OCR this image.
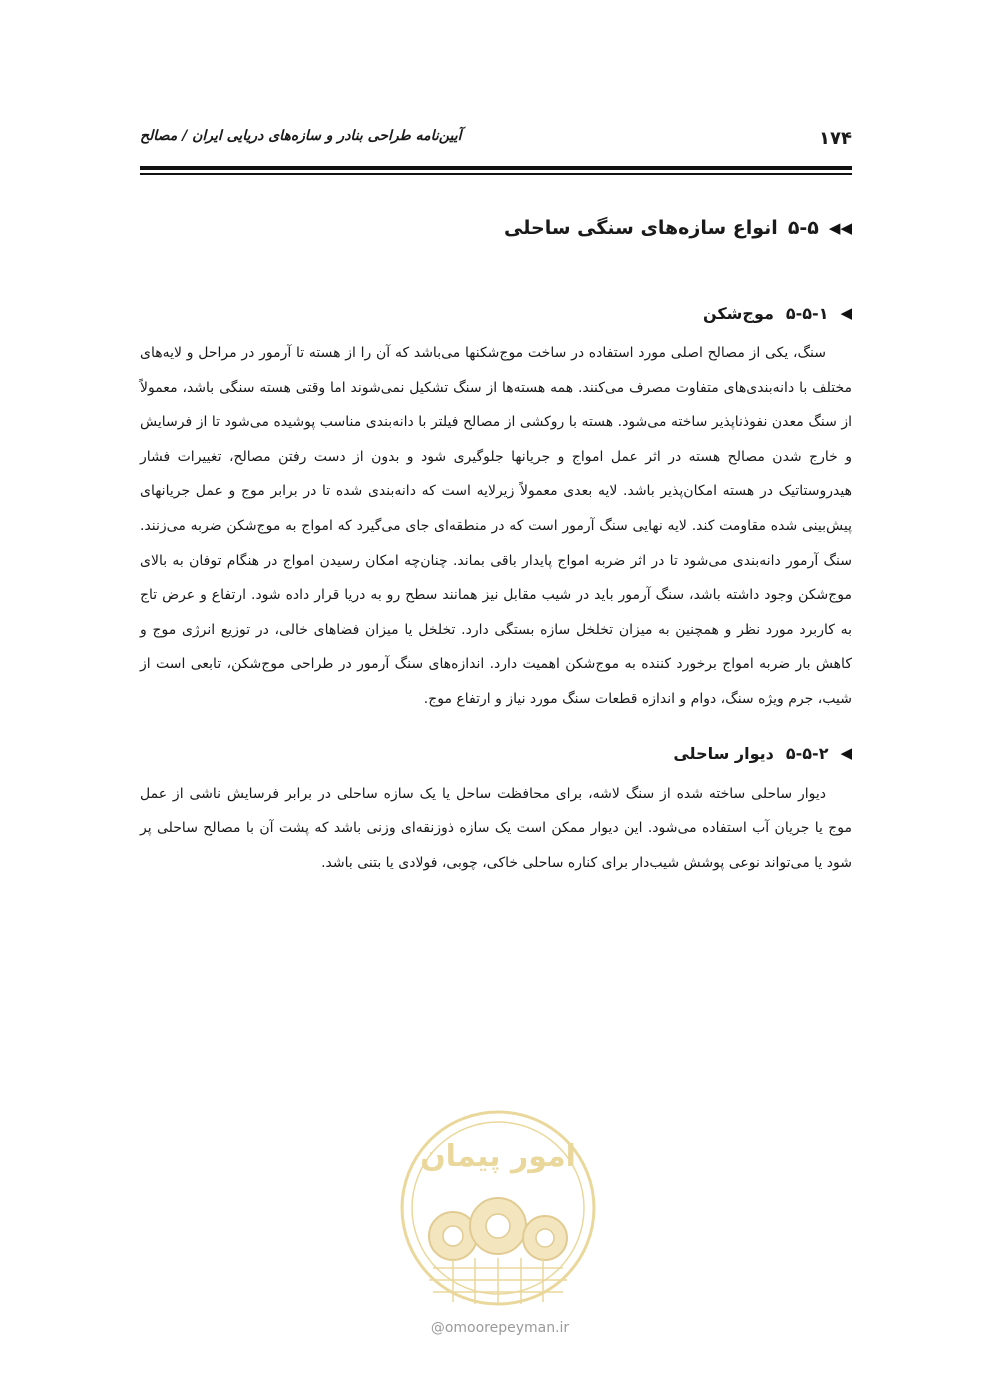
۱۷۴
آیین‌نامه طراحی بنادر و سازه‌های دریایی ایران / مصالح
◀◀
۵-۵
انواع سازه‌های سنگی ساحلی
◀
۵-۵-۱
موج‌شکن

سنگ، یکی از مصالح اصلی مورد استفاده در ساخت موج‌شکنها می‌باشد که آن را از هسته تا آرمور در مراحل و لایه‌های مختلف با دانه‌بندی‌های متفاوت مصرف می‌کنند. همه هسته‌ها از سنگ تشکیل نمی‌شوند اما وقتی هسته سنگی باشد، معمولاً از سنگ معدن نفوذناپذیر ساخته می‌شود. هسته با روکشی از مصالح فیلتر با دانه‌بندی مناسب پوشیده می‌شود تا از فرسایش و خارج شدن مصالح هسته در اثر عمل امواج و جریانها جلوگیری شود و بدون از دست رفتن مصالح، تغییرات فشار هیدروستاتیک در هسته امکان‌پذیر باشد. لایه بعدی معمولاً زیرلایه است که دانه‌بندی شده تا در برابر موج و عمل جریانهای پیش‌بینی شده مقاومت کند. لایه نهایی سنگ آرمور است که در منطقه‌ای جای می‌گیرد که امواج به موج‌شکن ضربه می‌زنند. سنگ آرمور دانه‌بندی می‌شود تا در اثر ضربه امواج پایدار باقی بماند. چنان‌چه امکان رسیدن امواج در هنگام توفان به بالای موج‌شکن وجود داشته باشد، سنگ آرمور باید در شیب مقابل نیز همانند سطح رو به دریا قرار داده شود. ارتفاع و عرض تاج به کاربرد مورد نظر و همچنین به میزان تخلخل سازه بستگی دارد. تخلخل یا میزان فضاهای خالی، در توزیع انرژی موج و کاهش بار ضربه امواج برخورد کننده به موج‌شکن اهمیت دارد. اندازه‌های سنگ آرمور در طراحی موج‌شکن، تابعی است از شیب، جرم ویژه سنگ، دوام و اندازه قطعات سنگ مورد نیاز و ارتفاع موج.

◀
۵-۵-۲
دیوار ساحلی

دیوار ساحلی ساخته شده از سنگ لاشه، برای محافظت ساحل یا یک سازه ساحلی در برابر فرسایش ناشی از عمل موج یا جریان آب استفاده می‌شود. این دیوار ممکن است یک سازه ذوزنقه‌ای وزنی باشد که پشت آن با مصالح ساحلی پر شود یا می‌تواند نوعی پوشش شیب‌دار برای کناره ساحلی خاکی، چوبی، فولادی یا بتنی باشد.

امور پیمان
@omoorepeyman.ir
